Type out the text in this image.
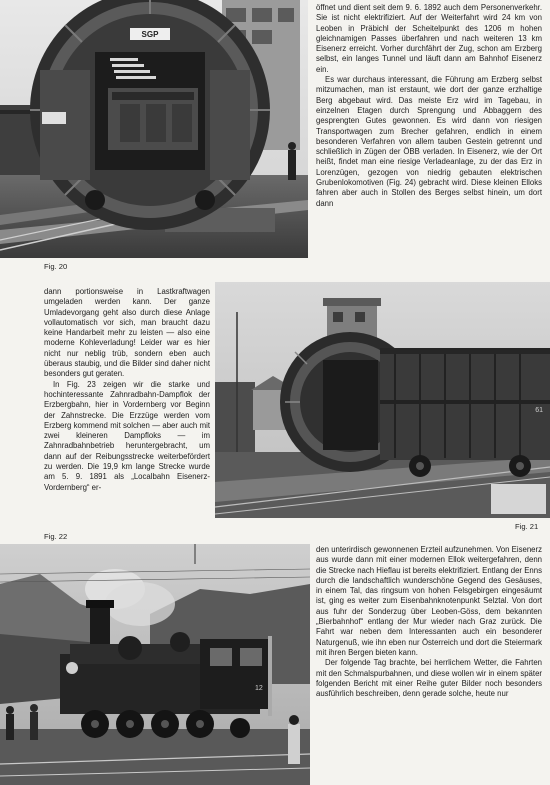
SGP
Fig. 20

öffnet und dient seit dem 9. 6. 1892 auch dem Personenverkehr. Sie ist nicht elektrifiziert. Auf der Weiterfahrt wird 24 km von Leoben in Präbichl der Scheitelpunkt des 1206 m hohen gleichnamigen Passes überfahren und nach weiteren 13 km Eisenerz erreicht. Vorher durchfährt der Zug, schon am Erzberg selbst, ein langes Tunnel und läuft dann am Bahnhof Eisenerz ein.

Es war durchaus interessant, die Führung am Erzberg selbst mitzumachen, man ist erstaunt, wie dort der ganze erzhaltige Berg abgebaut wird. Das meiste Erz wird im Tagebau, in einzelnen Etagen durch Sprengung und Abbaggern des gesprengten Gutes gewonnen. Es wird dann von riesigen Transportwagen zum Brecher gefahren, endlich in einem besonderen Verfahren von allem tauben Gestein getrennt und schließlich in Zügen der ÖBB verladen. In Eisenerz, wie der Ort heißt, findet man eine riesige Verladeanlage, zu der das Erz in Lorenzügen, gezogen von niedrig gebauten elektrischen Grubenlokomotiven (Fig. 24) gebracht wird. Diese kleinen Elloks fahren aber auch in Stollen des Berges selbst hinein, um dort dann

dann portionsweise in Lastkraftwagen umgeladen werden kann. Der ganze Umladevorgang geht also durch diese Anlage vollautomatisch vor sich, man braucht dazu keine Handarbeit mehr zu leisten — also eine moderne Kohleverladung! Leider war es hier nicht nur neblig trüb, sondern eben auch überaus staubig, und die Bilder sind daher nicht besonders gut geraten.

In Fig. 23 zeigen wir die starke und hochinteressante Zahnradbahn-Dampflok der Erzbergbahn, hier in Vordernberg vor Beginn der Zahnstrecke. Die Erzzüge werden vom Erzberg kommend mit solchen — aber auch mit zwei kleineren Dampfloks — im Zahnradbahnbetrieb heruntergebracht, um dann auf der Reibungsstrecke weiterbefördert zu werden. Die 19,9 km lange Strecke wurde am 5. 9. 1891 als „Localbahn Eisenerz-Vordernberg“ er-

61
Fig. 21
Fig. 22
12

den unterirdisch gewonnenen Erzteil aufzunehmen. Von Eisenerz aus wurde dann mit einer modernen Ellok weitergefahren, denn die Strecke nach Hieflau ist bereits elektrifiziert. Entlang der Enns durch die landschaftlich wunderschöne Gegend des Gesäuses, in einem Tal, das ringsum von hohen Felsgebirgen eingesäumt ist, ging es weiter zum Eisenbahnknotenpunkt Selztal. Von dort aus fuhr der Sonderzug über Leoben-Göss, dem bekannten „Bierbahnhof“ entlang der Mur wieder nach Graz zurück. Die Fahrt war neben dem Interessanten auch ein besonderer Naturgenuß, wie ihn eben nur Österreich und dort die Steiermark mit ihren Bergen bieten kann.

Der folgende Tag brachte, bei herrlichem Wetter, die Fahrten mit den Schmalspurbahnen, und diese wollen wir in einem später folgenden Bericht mit einer Reihe guter Bilder noch besonders ausführlich beschreiben, denn gerade solche, heute nur
